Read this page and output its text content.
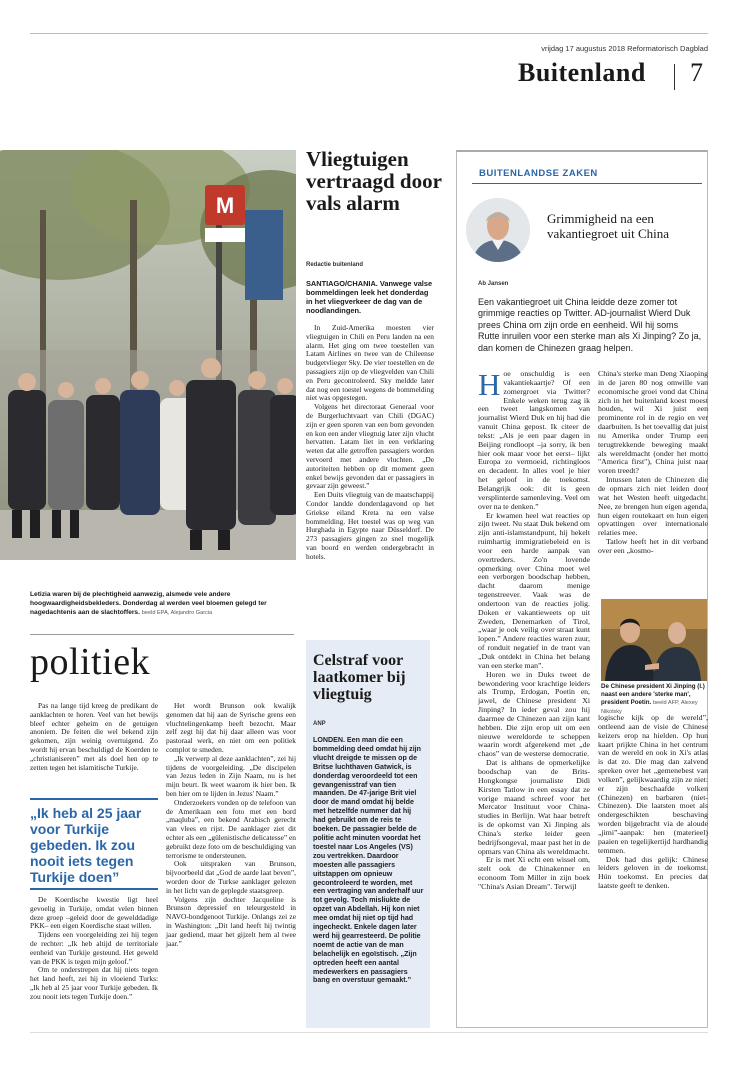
vrijdag 17 augustus 2018 Reformatorisch Dagblad
Buitenland 7
M
Letizia waren bij de plechtigheid aanwezig, alsmede vele andere hoogwaardigheidsbekleders. Donderdag al werden veel bloemen gelegd ter nagedachtenis aan de slachtoffers. beeld EPA, Alejandro Garcia
Vliegtuigen vertraagd door vals alarm
Redactie buitenland
SANTIAGO/CHANIA. Vanwege valse bommeldingen leek het donderdag in het vliegverkeer de dag van de noodlandingen.

In Zuid-Amerika moesten vier vliegtuigen in Chili en Peru landen na een alarm. Het ging om twee toestellen van Latam Airlines en twee van de Chileense budgetvlieger Sky. De vier toestellen en de passagiers zijn op de vliegvelden van Chili en Peru gecontroleerd. Sky meldde later dat nog een toestel wegens de bommelding niet was opgestegen.

Volgens het directoraat Generaal voor de Burgerluchtvaart van Chili (DGAC) zijn er geen sporen van een bom gevonden en kon een ander vliegtuig later zijn vlucht hervatten. Latam liet in een verklaring weten dat alle getroffen passagiers worden vervoerd met andere vluchten. „De autoriteiten hebben op dit moment geen enkel bewijs gevonden dat er passagiers in gevaar zijn geweest.”

Een Duits vliegtuig van de maatschappij Condor landde donderdagavond op het Griekse eiland Kreta na een valse bommelding. Het toestel was op weg van Hurghada in Egypte naar Düsseldorf. De 273 passagiers gingen zo snel mogelijk van boord en werden ondergebracht in hotels.

politiek

Pas na lange tijd kreeg de predikant de aanklachten te horen. Veel van het bewijs bleef echter geheim en de getuigen anoniem. De feiten die wel bekend zijn gekomen, zijn weinig overtuigend. Zo wordt hij ervan beschuldigd de Koerden te „christianiseren” met als doel hen op te zetten tegen het islamitische Turkije.

„Ik heb al 25 jaar voor Turkije gebeden. Ik zou nooit iets tegen Turkije doen”

De Koerdische kwestie ligt heel gevoelig in Turkije, omdat velen binnen deze groep –geleid door de gewelddadige PKK– een eigen Koerdische staat willen.

Tijdens een voorgeleiding zei hij tegen de rechter: „Ik heb altijd de territoriale eenheid van Turkije gesteund. Het geweld van de PKK is tegen mijn geloof.”

Om te onderstrepen dat hij niets tegen het land heeft, zei hij in vloeiend Turks: „Ik heb al 25 jaar voor Turkije gebeden. Ik zou nooit iets tegen Turkije doen.”

Het wordt Brunson ook kwalijk genomen dat hij aan de Syrische grens een vluchtelingenkamp heeft bezocht. Maar zelf zegt hij dat hij daar alleen was voor pastoraal werk, en niet om een politiek complot te smeden.

„Ik verwerp al deze aanklachten”, zei hij tijdens de voorgeleiding. „De discipelen van Jezus leden in Zijn Naam, nu is het mijn beurt. Ik weet waarom ik hier ben. Ik ben hier om te lijden in Jezus' Naam.”

Onderzoekers vonden op de telefoon van de Amerikaan een foto met een bord „maqluba”, een bekend Arabisch gerecht van vlees en rijst. De aanklager ziet dit echter als een „gülenistische delicatesse” en gebruikt deze foto om de beschuldiging van terrorisme te ondersteunen.

Ook uitspraken van Brunson, bijvoorbeeld dat „God de aarde laat beven”, worden door de Turkse aanklager gelezen in het licht van de geplegde staatsgreep.

Volgens zijn dochter Jacqueline is Brunson depressief en teleurgesteld in NAVO-bondgenoot Turkije. Onlangs zei ze in Washington: „Dit land heeft hij twintig jaar gediend, maar het gijzelt hem al twee jaar.”

Celstraf voor laatkomer bij vliegtuig
ANP
LONDEN. Een man die een bommelding deed omdat hij zijn vlucht dreigde te missen op de Britse luchthaven Gatwick, is donderdag veroordeeld tot een gevangenisstraf van tien maanden. De 47-jarige Brit viel door de mand omdat hij belde met hetzelfde nummer dat hij had gebruikt om de reis te boeken. De passagier belde de politie acht minuten voordat het toestel naar Los Angeles (VS) zou vertrekken. Daardoor moesten alle passagiers uitstappen om opnieuw gecontroleerd te worden, met een vertraging van anderhalf uur tot gevolg. Toch misliukte de opzet van Abdellah. Hij kon niet mee omdat hij niet op tijd had ingecheckt. Enkele dagen later werd hij gearresteerd. De politie noemt de actie van de man belachelijk en egoïstisch. „Zijn optreden heeft een aantal medewerkers en passagiers bang en overstuur gemaakt.”
BUITENLANDSE ZAKEN
Grimmigheid na een vakantiegroet uit China
Ab Jansen
Een vakantiegroet uit China leidde deze zomer tot grimmige reacties op Twitter. AD-journalist Wierd Duk prees China om zijn orde en eenheid. Wil hij soms Rutte inruilen voor een sterke man als Xi Jinping? Zo ja, dan komen de Chinezen graag helpen.
H oe onschuldig is een vakantiekaartje? Of een zomergroet via Twitter? Enkele weken terug zag ik een tweet langskomen van journalist Wierd Duk en hij had die vanuit China gepost. Ik citeer de tekst: „Als je een paar dagen in Beijing rondloopt –ja sorry, ik ben hier ook maar voor het eerst– lijkt Europa zo vermoeid, richtingloos en decadent. In alles voel je hier het geloof in de toekomst. Belangrijk ook: dit is geen versplinterde samenleving. Veel om over na te denken.”

Er kwamen heel wat reacties op zijn tweet. Nu staat Duk bekend om zijn anti-islamstandpunt, hij hekelt ruimhartig immigratiebeleid en is voor een harde aanpak van overtreders. Zo'n lovende opmerking over China moet wel een verborgen boodschap hebben, dacht daarom menige tegenstreever. Vaak was de ondertoon van de reacties jolig. Doken er vakantieweets op uit Zweden, Denemarken of Tirol, „waar je ook veilig over straat kunt lopen.” Andere reacties waren zuur, of ronduit negatief in de trant van „Duk ontdekt in China het belang van een sterke man”.

Horen we in Duks tweet de bewondering voor krachtige leiders als Trump, Erdogan, Poetin en, jawel, de Chinese president Xi Jinping? In ieder geval zou hij daarmee de Chinezen aan zijn kant hebben. Die zijn erop uit om een nieuwe wereldorde te scheppen waarin wordt afgerekend met „de chaos” van de westerse democratie.

Dat is althans de opmerkelijke boodschap van de Brits-Hongkongse journaliste Didi Kirsten Tatlow in een essay dat ze vorige maand schreef voor het Mercator Instituut voor China-studies in Berlijn. Wat haar betreft is de opkomst van Xi Jinping als China's sterke leider geen bedrijfsongeval, maar past het in de opmars van China als wereldmacht.

Er is met Xi echt een wissel om, stelt ook de Chinakenner en econoom Tom Miller in zijn boek "China's Asian Dream". Terwijl

China's sterke man Deng Xiaoping in de jaren 80 nog omwille van economische groei vond dat China zich in het buitenland koest moest houden, wil Xi juist een prominente rol in de regio en ver daarbuiten. Is het toevallig dat juist nu Amerika onder Trump een terugtrekkende beweging maakt als wereldmacht (onder het motto "America first"), China juist naar voren treedt?

Intussen laten de Chinezen die de opmars zich niet leiden door wat het Westen heeft uitgedacht. Nee, ze brengen hun eigen agenda, hun eigen routekaart en hun eigen opvattingen over internationale relaties mee.

Tatlow heeft het in dit verband over een „kosmo-

De Chinese president Xi Jinping (l.) naast een andere 'sterke man', president Poetin. beeld AFP, Alexey Nikolsky

logische kijk op de wereld”, ontleend aan de visie de Chinese keizers erop na hielden. Op hun kaart prijkte China in het centrum van de wereld en ook in Xi's atlas is dat zo. Die mag dan zalvend spreken over het „gemenebest van volken”, gelijkwaardig zijn ze niet: er zijn beschaafde volken (Chinezen) en barbaren (niet-Chinezen). Die laatsten moet als ondergeschikten beschaving worden bijgebracht via de aloude „jimi”-aanpak: hen (materieel) paaien en tegelijkertijd hardhandig temmen.

Dok had dus gelijk: Chinese leiders geloven in de toekomst. Hún toekomst. En precies dat laatste geeft te denken.
